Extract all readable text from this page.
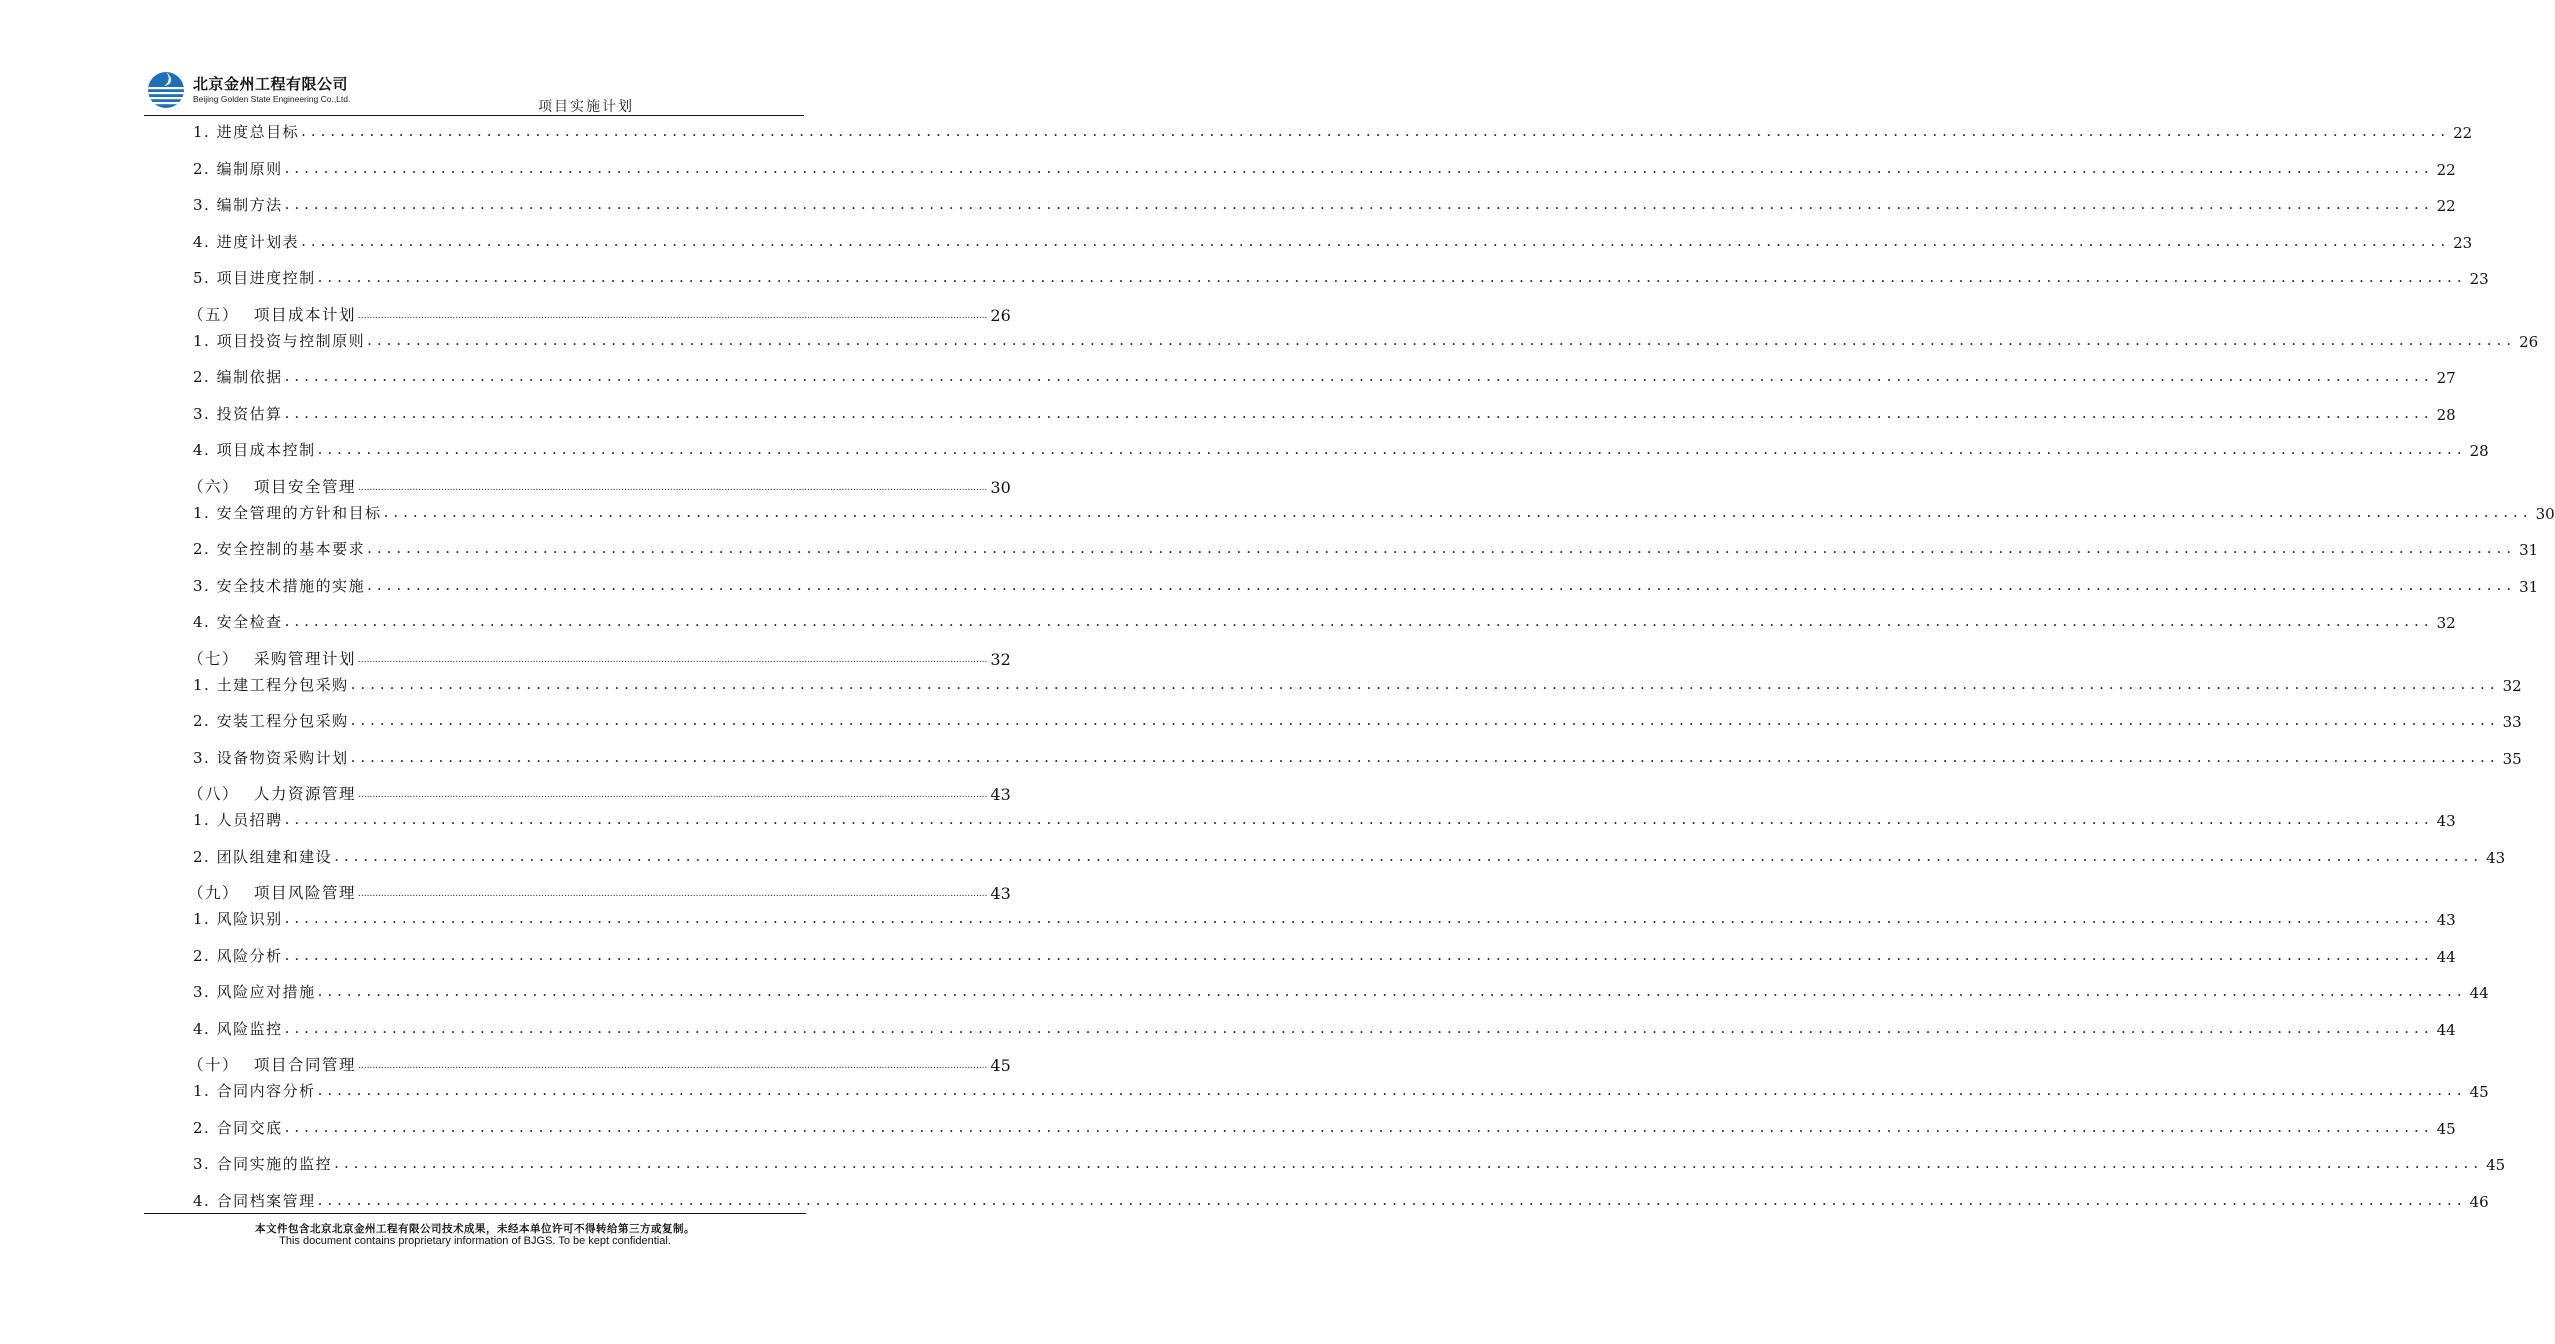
北京金州工程有限公司
Beijing Golden State Engineering Co.,Ltd.	项目实施计划
1. 进度总目标 ............................................................................................................................................................................................................................ 22
2. 编制原则 ............................................................................................................................................................................................................................ 22
3. 编制方法 ............................................................................................................................................................................................................................ 22
4. 进度计划表 ............................................................................................................................................................................................................................ 23
5. 项目进度控制 ............................................................................................................................................................................................................................ 23
（五） 项目成本计划 ............................................................................................................................................................................................................................ 26
1. 项目投资与控制原则 ............................................................................................................................................................................................................................ 26
2. 编制依据 ............................................................................................................................................................................................................................ 27
3. 投资估算 ............................................................................................................................................................................................................................ 28
4. 项目成本控制 ............................................................................................................................................................................................................................ 28
（六） 项目安全管理 ............................................................................................................................................................................................................................ 30
1. 安全管理的方针和目标 ............................................................................................................................................................................................................................ 30
2. 安全控制的基本要求 ............................................................................................................................................................................................................................ 31
3. 安全技术措施的实施 ............................................................................................................................................................................................................................ 31
4. 安全检查 ............................................................................................................................................................................................................................ 32
（七） 采购管理计划 ............................................................................................................................................................................................................................ 32
1. 土建工程分包采购 ............................................................................................................................................................................................................................ 32
2. 安装工程分包采购 ............................................................................................................................................................................................................................ 33
3. 设备物资采购计划 ............................................................................................................................................................................................................................ 35
（八） 人力资源管理 ............................................................................................................................................................................................................................ 43
1. 人员招聘 ............................................................................................................................................................................................................................ 43
2. 团队组建和建设 ............................................................................................................................................................................................................................ 43
（九） 项目风险管理 ............................................................................................................................................................................................................................ 43
1. 风险识别 ............................................................................................................................................................................................................................ 43
2. 风险分析 ............................................................................................................................................................................................................................ 44
3. 风险应对措施 ............................................................................................................................................................................................................................ 44
4. 风险监控 ............................................................................................................................................................................................................................ 44
（十） 项目合同管理 ............................................................................................................................................................................................................................ 45
1. 合同内容分析 ............................................................................................................................................................................................................................ 45
2. 合同交底 ............................................................................................................................................................................................................................ 45
3. 合同实施的监控 ............................................................................................................................................................................................................................ 45
4. 合同档案管理 ............................................................................................................................................................................................................................ 46
本文件包含北京北京金州工程有限公司技术成果，未经本单位许可不得转给第三方或复制。
This document contains proprietary information of BJGS. To be kept confidential.
